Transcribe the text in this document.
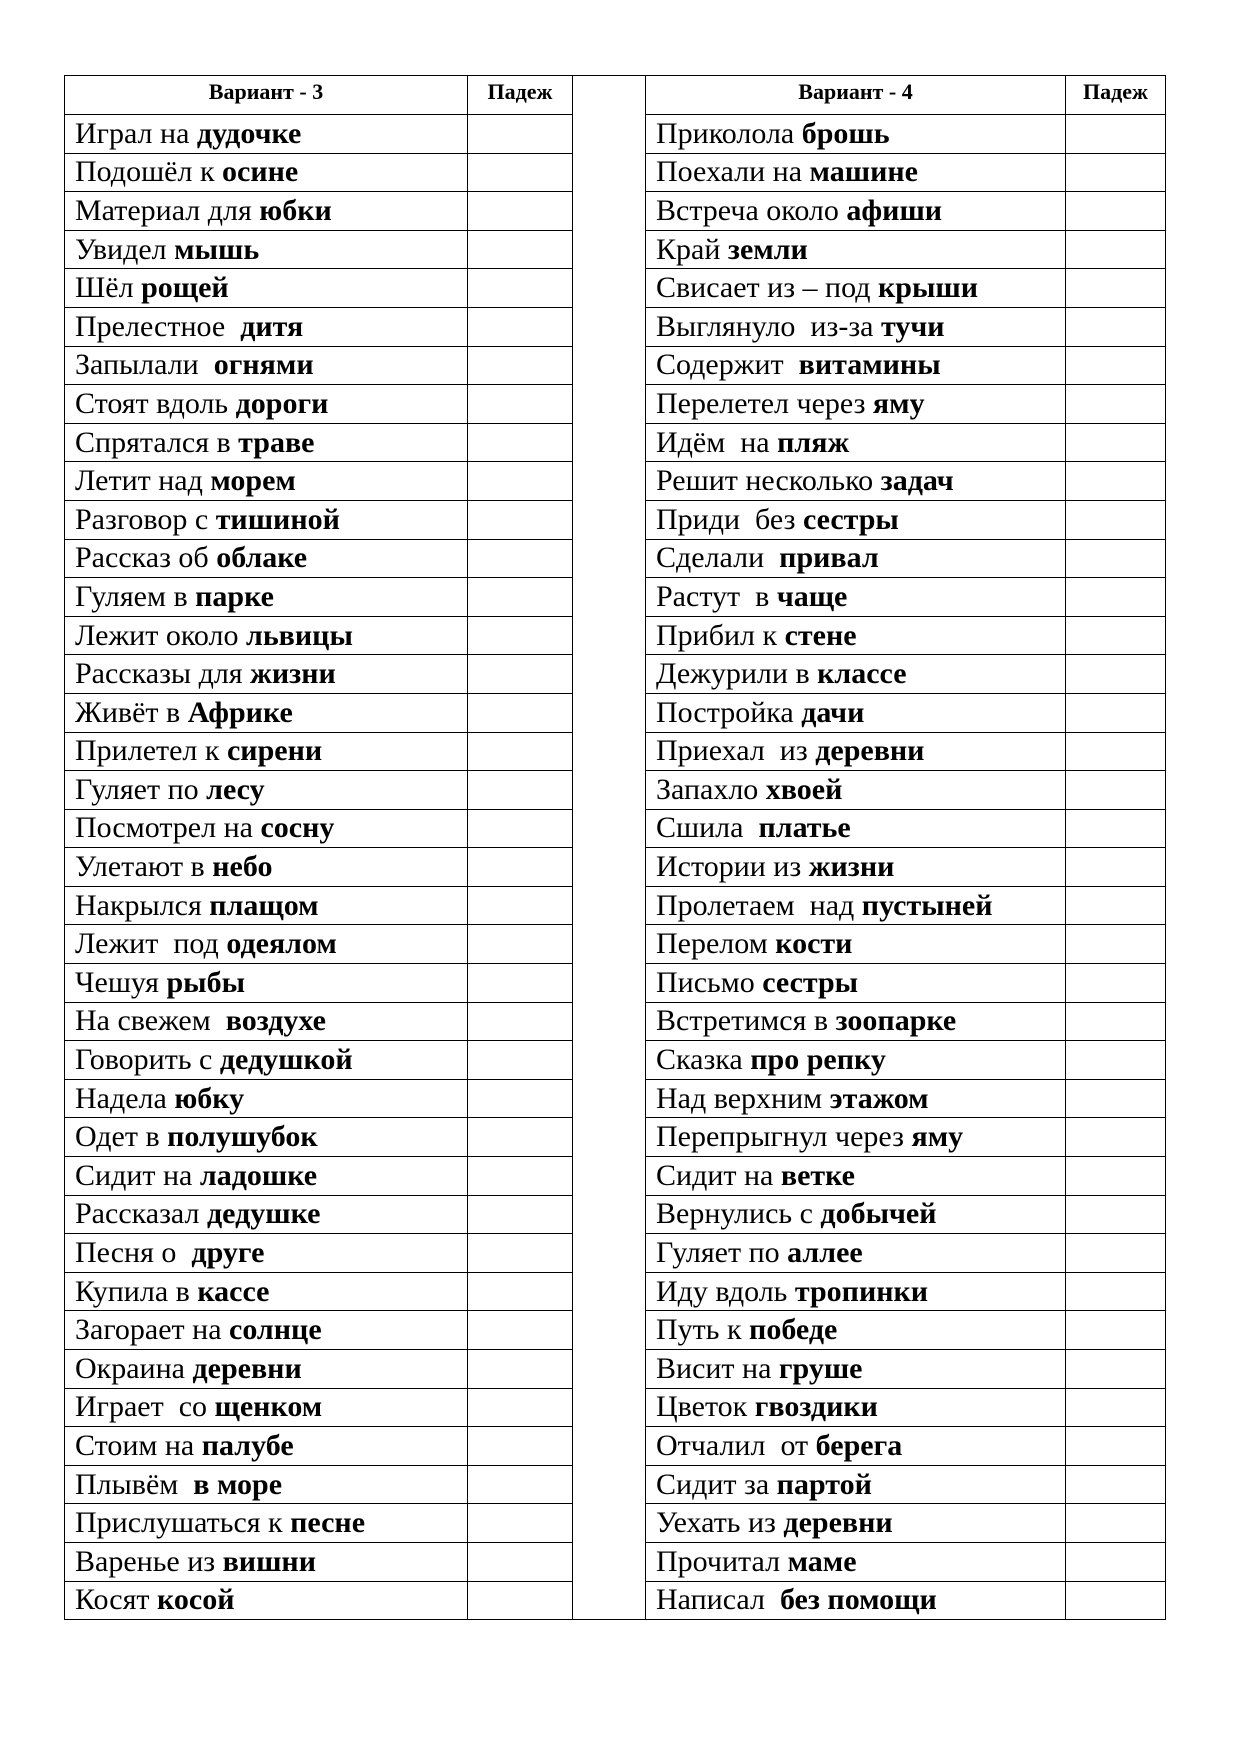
Вариант - 3	Падеж		Вариант - 4	Падеж
Играл на дудочке			Приколола брошь	
Подошёл к осине			Поехали на машине	
Материал для юбки			Встреча около афиши	
Увидел мышь			Край земли	
Шёл рощей			Свисает из – под крыши	
Прелестное  дитя			Выглянуло  из-за тучи	
Запылали  огнями			Содержит  витамины	
Стоят вдоль дороги			Перелетел через яму	
Спрятался в траве			Идём  на пляж	
Летит над морем			Решит несколько задач	
Разговор с тишиной			Приди  без сестры	
Рассказ об облаке			Сделали  привал	
Гуляем в парке			Растут  в чаще	
Лежит около львицы			Прибил к стене	
Рассказы для жизни			Дежурили в классе	
Живёт в Африке			Постройка дачи	
Прилетел к сирени			Приехал  из деревни	
Гуляет по лесу			Запахло хвоей	
Посмотрел на сосну			Сшила  платье	
Улетают в небо			Истории из жизни	
Накрылся плащом			Пролетаем  над пустыней	
Лежит  под одеялом			Перелом кости	
Чешуя рыбы			Письмо сестры	
На свежем  воздухе			Встретимся в зоопарке	
Говорить с дедушкой			Сказка про репку	
Надела юбку			Над верхним этажом	
Одет в полушубок			Перепрыгнул через яму	
Сидит на ладошке			Сидит на ветке	
Рассказал дедушке			Вернулись с добычей	
Песня о  друге			Гуляет по аллее	
Купила в кассе			Иду вдоль тропинки	
Загорает на солнце			Путь к победе	
Окраина деревни			Висит на груше	
Играет  со щенком			Цветок гвоздики	
Стоим на палубе			Отчалил  от берега	
Плывём  в море			Сидит за партой	
Прислушаться к песне			Уехать из деревни	
Варенье из вишни			Прочитал маме	
Косят косой			Написал  без помощи	
